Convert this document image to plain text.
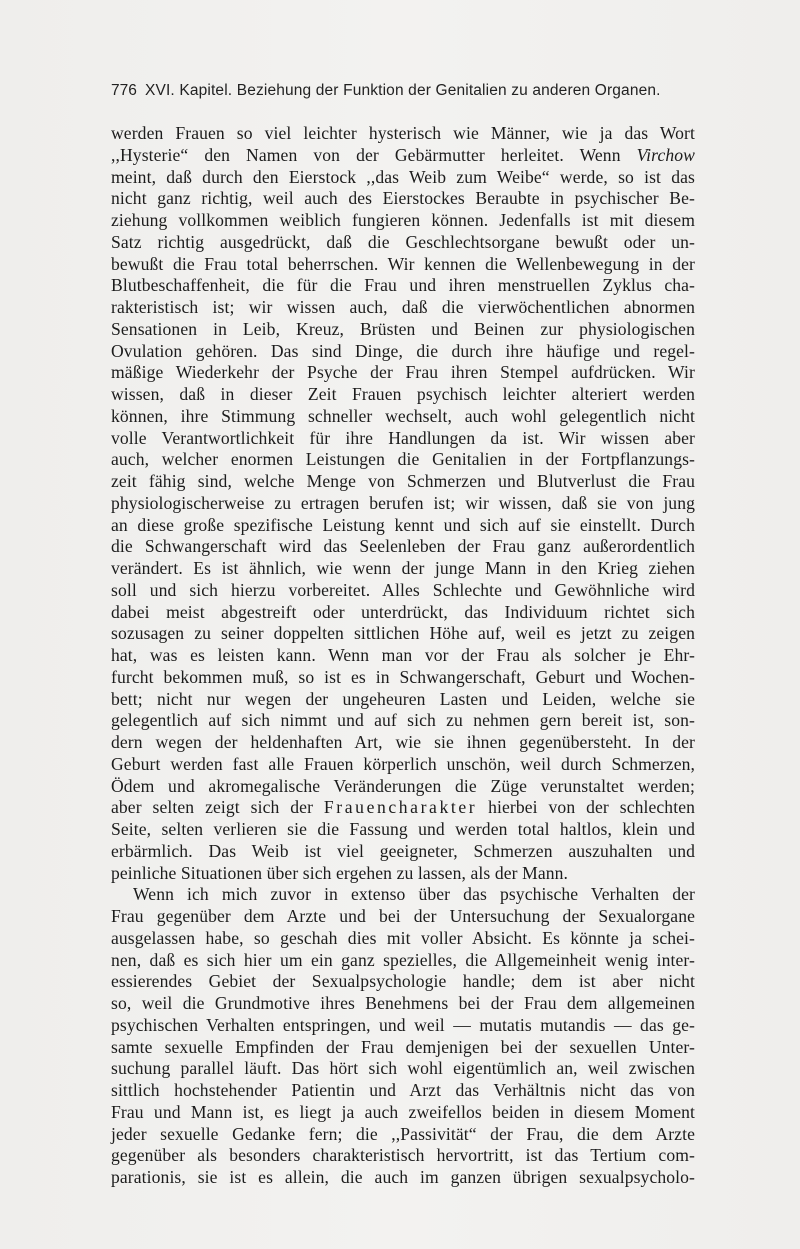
776 XVI. Kapitel. Beziehung der Funktion der Genitalien zu anderen Organen.
werden Frauen so viel leichter hysterisch wie Männer, wie ja das Wort
,,Hysterie“ den Namen von der Gebärmutter herleitet. Wenn Virchow
meint, daß durch den Eierstock ,,das Weib zum Weibe“ werde, so ist das
nicht ganz richtig, weil auch des Eierstockes Beraubte in psychischer Be-
ziehung vollkommen weiblich fungieren können. Jedenfalls ist mit diesem
Satz richtig ausgedrückt, daß die Geschlechtsorgane bewußt oder un-
bewußt die Frau total beherrschen. Wir kennen die Wellenbewegung in der
Blutbeschaffenheit, die für die Frau und ihren menstruellen Zyklus cha-
rakteristisch ist; wir wissen auch, daß die vierwöchentlichen abnormen
Sensationen in Leib, Kreuz, Brüsten und Beinen zur physiologischen
Ovulation gehören. Das sind Dinge, die durch ihre häufige und regel-
mäßige Wiederkehr der Psyche der Frau ihren Stempel aufdrücken. Wir
wissen, daß in dieser Zeit Frauen psychisch leichter alteriert werden
können, ihre Stimmung schneller wechselt, auch wohl gelegentlich nicht
volle Verantwortlichkeit für ihre Handlungen da ist. Wir wissen aber
auch, welcher enormen Leistungen die Genitalien in der Fortpflanzungs-
zeit fähig sind, welche Menge von Schmerzen und Blutverlust die Frau
physiologischerweise zu ertragen berufen ist; wir wissen, daß sie von jung
an diese große spezifische Leistung kennt und sich auf sie einstellt. Durch
die Schwangerschaft wird das Seelenleben der Frau ganz außerordentlich
verändert. Es ist ähnlich, wie wenn der junge Mann in den Krieg ziehen
soll und sich hierzu vorbereitet. Alles Schlechte und Gewöhnliche wird
dabei meist abgestreift oder unterdrückt, das Individuum richtet sich
sozusagen zu seiner doppelten sittlichen Höhe auf, weil es jetzt zu zeigen
hat, was es leisten kann. Wenn man vor der Frau als solcher je Ehr-
furcht bekommen muß, so ist es in Schwangerschaft, Geburt und Wochen-
bett; nicht nur wegen der ungeheuren Lasten und Leiden, welche sie
gelegentlich auf sich nimmt und auf sich zu nehmen gern bereit ist, son-
dern wegen der heldenhaften Art, wie sie ihnen gegenübersteht. In der
Geburt werden fast alle Frauen körperlich unschön, weil durch Schmerzen,
Ödem und akromegalische Veränderungen die Züge verunstaltet werden;
aber selten zeigt sich der Frauencharakter hierbei von der schlechten
Seite, selten verlieren sie die Fassung und werden total haltlos, klein und
erbärmlich. Das Weib ist viel geeigneter, Schmerzen auszuhalten und
peinliche Situationen über sich ergehen zu lassen, als der Mann.
Wenn ich mich zuvor in extenso über das psychische Verhalten der
Frau gegenüber dem Arzte und bei der Untersuchung der Sexualorgane
ausgelassen habe, so geschah dies mit voller Absicht. Es könnte ja schei-
nen, daß es sich hier um ein ganz spezielles, die Allgemeinheit wenig inter-
essierendes Gebiet der Sexualpsychologie handle; dem ist aber nicht
so, weil die Grundmotive ihres Benehmens bei der Frau dem allgemeinen
psychischen Verhalten entspringen, und weil — mutatis mutandis — das ge-
samte sexuelle Empfinden der Frau demjenigen bei der sexuellen Unter-
suchung parallel läuft. Das hört sich wohl eigentümlich an, weil zwischen
sittlich hochstehender Patientin und Arzt das Verhältnis nicht das von
Frau und Mann ist, es liegt ja auch zweifellos beiden in diesem Moment
jeder sexuelle Gedanke fern; die ,,Passivität“ der Frau, die dem Arzte
gegenüber als besonders charakteristisch hervortritt, ist das Tertium com-
parationis, sie ist es allein, die auch im ganzen übrigen sexualpsycholo-
